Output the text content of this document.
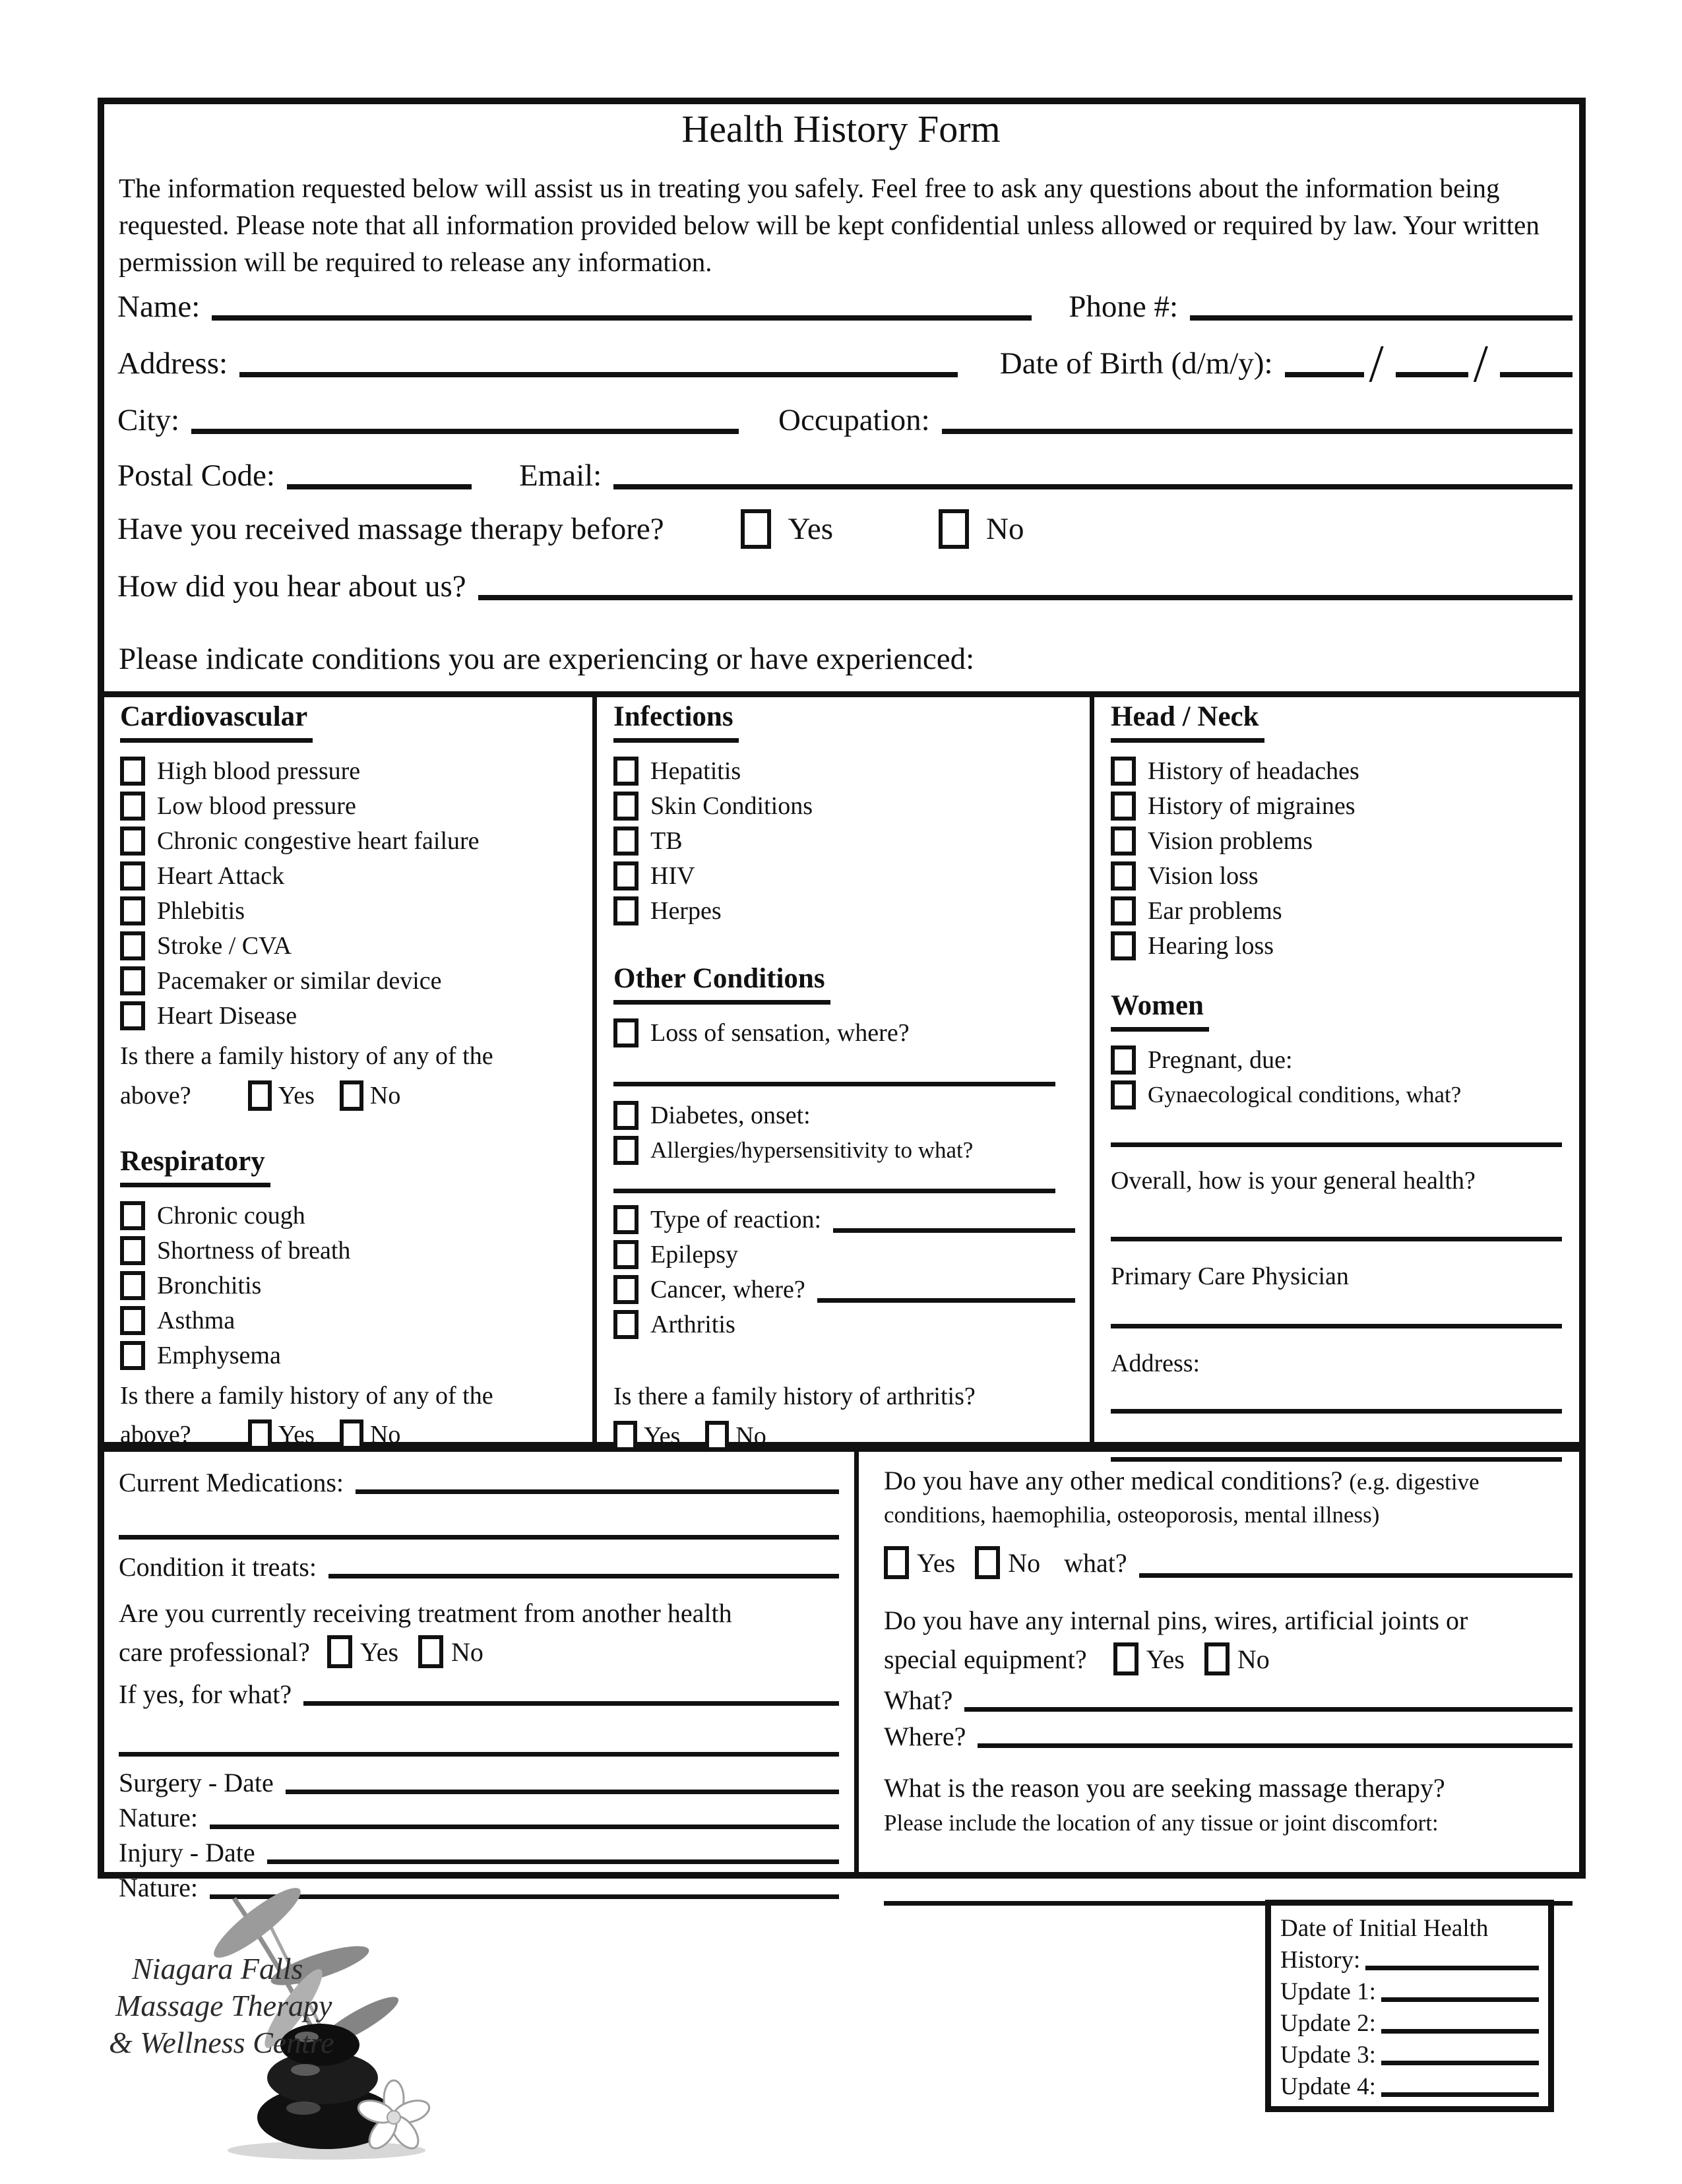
Health History Form
The information requested below will assist us in treating you safely. Feel free to ask any questions about the information being requested. Please note that all information provided below will be kept confidential unless allowed or required by law. Your written permission will be required to release any information.
Name:	Phone #:
Address:	Date of Birth (d/m/y): / /
City:	Occupation:
Postal Code:	Email:
Have you received massage therapy before?	Yes	No
How did you hear about us?
Please indicate conditions you are experiencing or have experienced:
Cardiovascular
High blood pressure
Low blood pressure
Chronic congestive heart failure
Heart Attack
Phlebitis
Stroke / CVA
Pacemaker or similar device
Heart Disease
Is there a family history of any of the
above?	Yes No
Respiratory
Chronic cough
Shortness of breath
Bronchitis
Asthma
Emphysema
Is there a family history of any of the
above?	Yes No
Infections
Hepatitis
Skin Conditions
TB
HIV
Herpes
Other Conditions
Loss of sensation, where?
Diabetes, onset:
Allergies/hypersensitivity to what?
Type of reaction:
Epilepsy
Cancer, where?
Arthritis
Is there a family history of arthritis?
Yes No
Head / Neck
History of headaches
History of migraines
Vision problems
Vision loss
Ear problems
Hearing loss
Women
Pregnant, due:
Gynaecological conditions, what?
Overall, how is your general health?
Primary Care Physician
Address:
Current Medications:
Condition it treats:
Are you currently receiving treatment from another health
care professional? Yes No
If yes, for what?
Surgery - Date
Nature:
Injury - Date
Nature:
Do you have any other medical conditions? (e.g. digestive conditions, haemophilia, osteoporosis, mental illness)
Yes No what?
Do you have any internal pins, wires, artificial joints or
special equipment? Yes No
What?
Where?
What is the reason you are seeking massage therapy?
Please include the location of any tissue or joint discomfort:
Niagara Falls
Massage Therapy
& Wellness Centre
Date of Initial Health
History:
Update 1:
Update 2:
Update 3:
Update 4:
